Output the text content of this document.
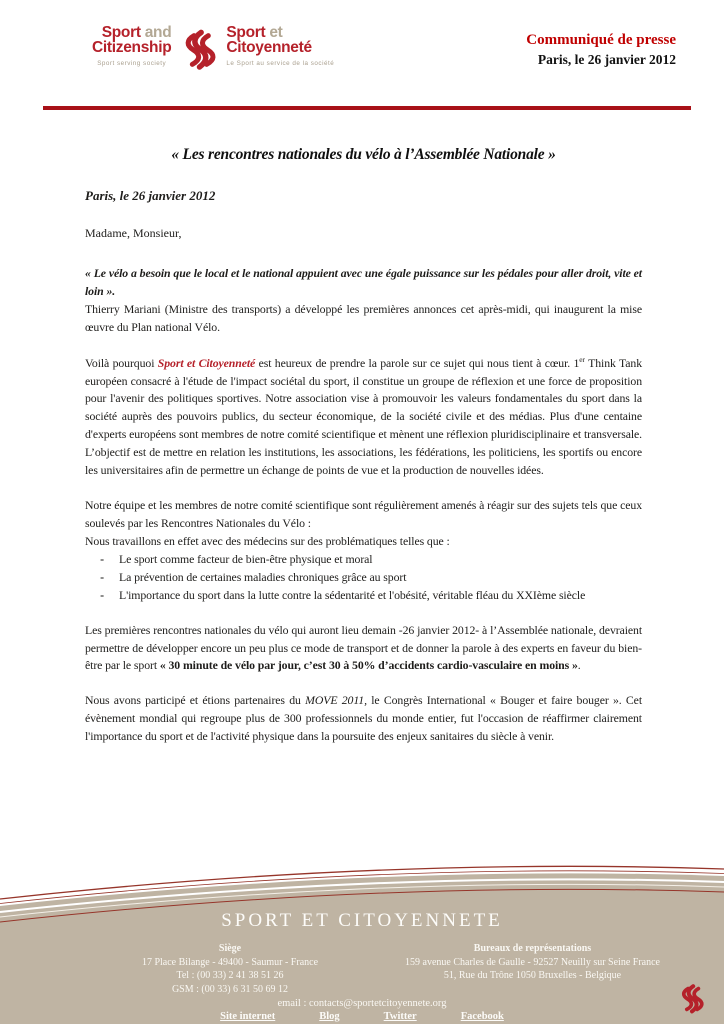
Sport and
Citizenship
Sport serving society
Sport et
Citoyenneté
Le Sport au service de la société
Communiqué de presse
Paris, le 26 janvier 2012
« Les rencontres nationales du vélo à l’Assemblée Nationale »

Paris, le 26 janvier 2012

Madame, Monsieur,

« Le vélo a besoin que le local et le national appuient avec une égale puissance sur les pédales pour aller droit, vite et loin ».
Thierry Mariani (Ministre des transports) a développé les premières annonces cet après-midi, qui inaugurent la mise œuvre du Plan national Vélo.

Voilà pourquoi Sport et Citoyenneté est heureux de prendre la parole sur ce sujet qui nous tient à cœur. 1er Think Tank européen consacré à l'étude de l'impact sociétal du sport, il constitue un groupe de réflexion et une force de proposition pour l'avenir des politiques sportives. Notre association vise à promouvoir les valeurs fondamentales du sport dans la société auprès des pouvoirs publics, du secteur économique, de la société civile et des médias. Plus d'une centaine d'experts européens sont membres de notre comité scientifique et mènent une réflexion pluridisciplinaire et transversale. L’objectif est de mettre en relation les institutions, les associations, les fédérations, les politiciens, les sportifs ou encore les universitaires afin de permettre un échange de points de vue et la production de nouvelles idées.

Notre équipe et les membres de notre comité scientifique sont régulièrement amenés à réagir sur des sujets tels que ceux soulevés par les Rencontres Nationales du Vélo :
Nous travaillons en effet avec des médecins sur des problématiques telles que :

-	Le sport comme facteur de bien-être physique et moral
-	La prévention de certaines maladies chroniques grâce au sport
-	L'importance du sport dans la lutte contre la sédentarité et l'obésité, véritable fléau du XXIème siècle

Les premières rencontres nationales du vélo qui auront lieu demain -26 janvier 2012- à l’Assemblée nationale, devraient permettre de développer encore un peu plus ce mode de transport et de donner la parole à des experts en faveur du bien-être par le sport « 30 minute de vélo par jour, c’est 30 à 50% d’accidents cardio-vasculaire en moins ».

Nous avons participé et étions partenaires du MOVE 2011, le Congrès International « Bouger et faire bouger ». Cet évènement mondial qui regroupe plus de 300 professionnels du monde entier, fut l'occasion de réaffirmer clairement l'importance du sport et de l'activité physique dans la poursuite des enjeux sanitaires du siècle à venir.

SPORT ET CITOYENNETE
Siège
17 Place Bilange - 49400 - Saumur - France
Tel : (00 33) 2 41 38 51 26
GSM : (00 33) 6 31 50 69 12
Bureaux de représentations
159 avenue Charles de Gaulle - 92527 Neuilly sur Seine France
51, Rue du Trône 1050 Bruxelles - Belgique
email : contacts@sportetcitoyennete.org
Site internet	Blog	Twitter	Facebook
